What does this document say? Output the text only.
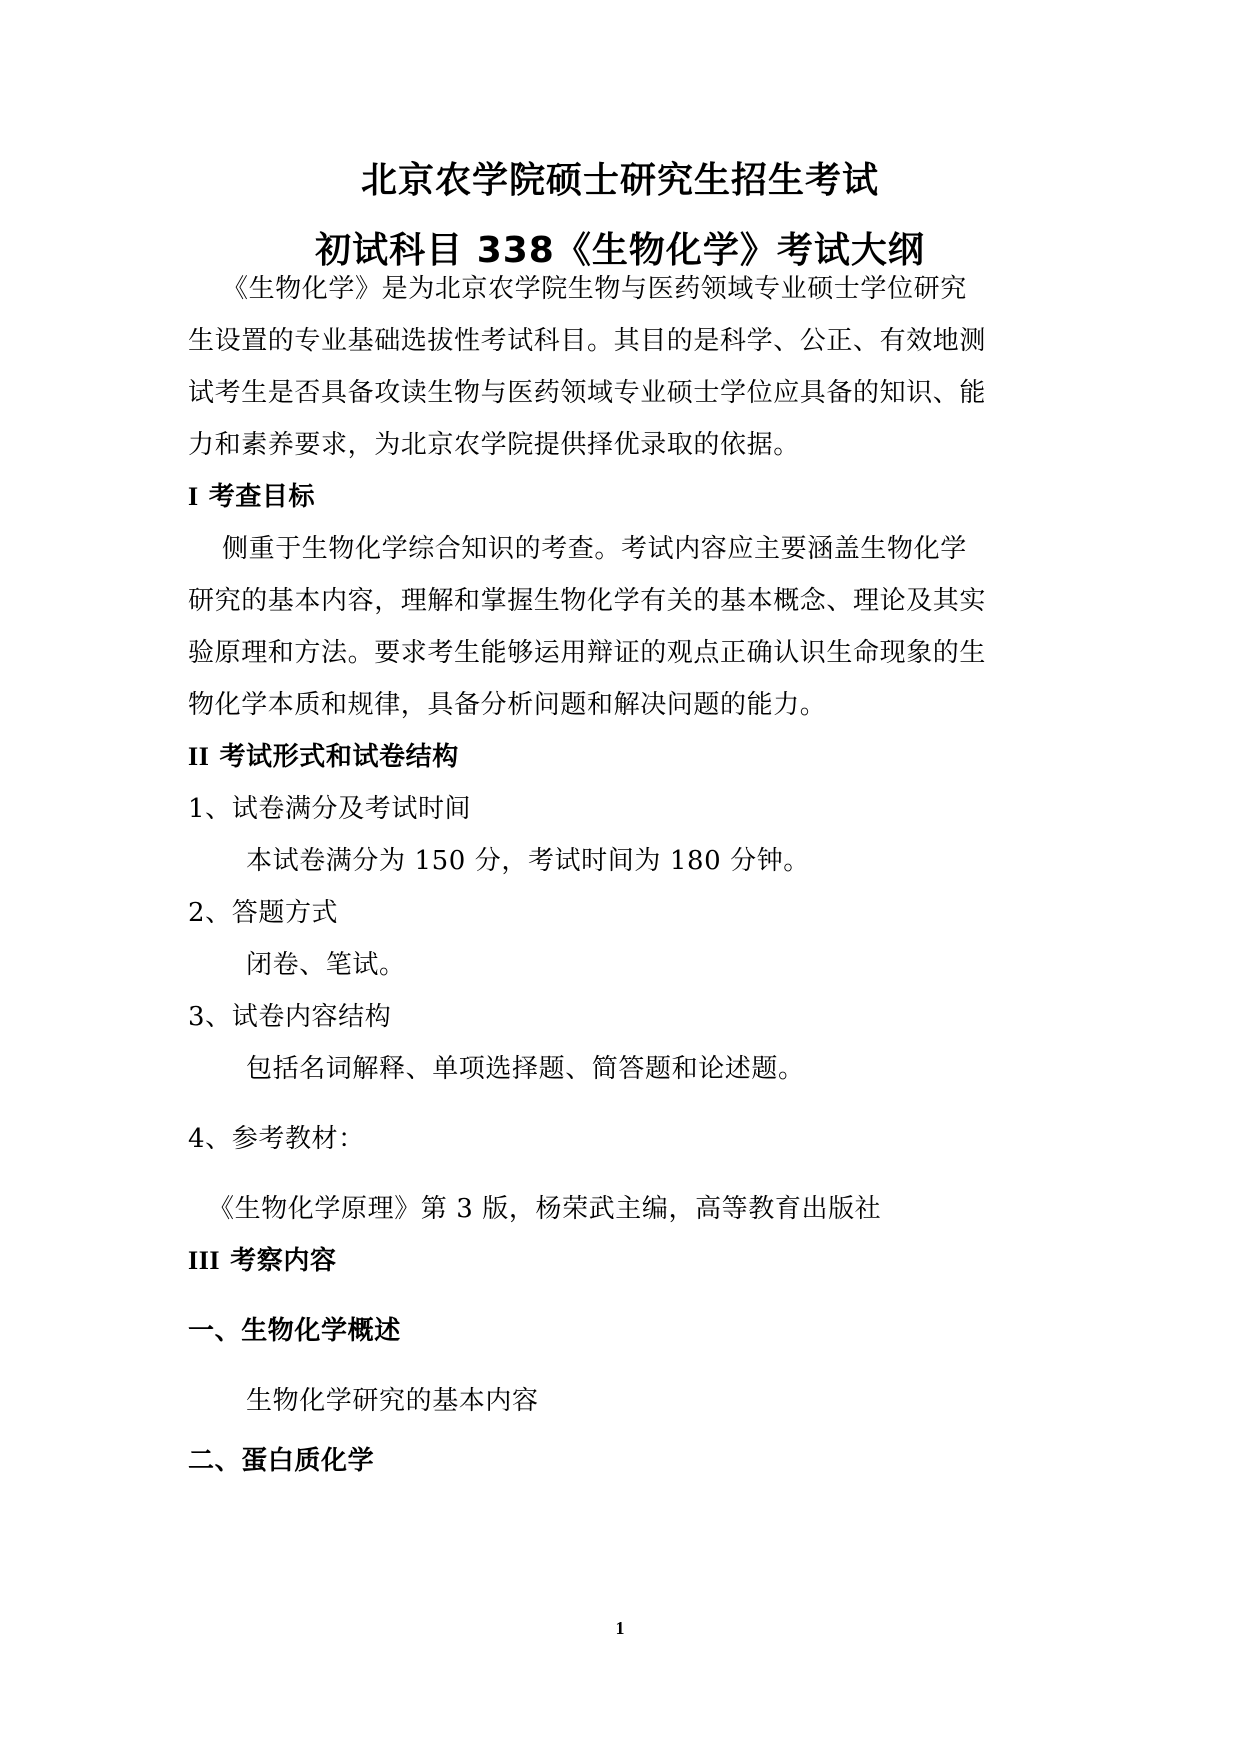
北京农学院硕士研究生招生考试
初试科目 338《生物化学》考试大纲
《生物化学》是为北京农学院生物与医药领域专业硕士学位研究
生设置的专业基础选拔性考试科目。其目的是科学、公正、有效地测
试考生是否具备攻读生物与医药领域专业硕士学位应具备的知识、能
力和素养要求，为北京农学院提供择优录取的依据。
I 考查目标
侧重于生物化学综合知识的考查。考试内容应主要涵盖生物化学
研究的基本内容，理解和掌握生物化学有关的基本概念、理论及其实
验原理和方法。要求考生能够运用辩证的观点正确认识生命现象的生
物化学本质和规律，具备分析问题和解决问题的能力。
II 考试形式和试卷结构
1、试卷满分及考试时间
本试卷满分为 150 分，考试时间为 180 分钟。
2、答题方式
闭卷、笔试。
3、试卷内容结构
包括名词解释、单项选择题、简答题和论述题。
4、参考教材：
《生物化学原理》第 3 版，杨荣武主编，高等教育出版社
III 考察内容
一、生物化学概述
生物化学研究的基本内容
二、蛋白质化学
1
